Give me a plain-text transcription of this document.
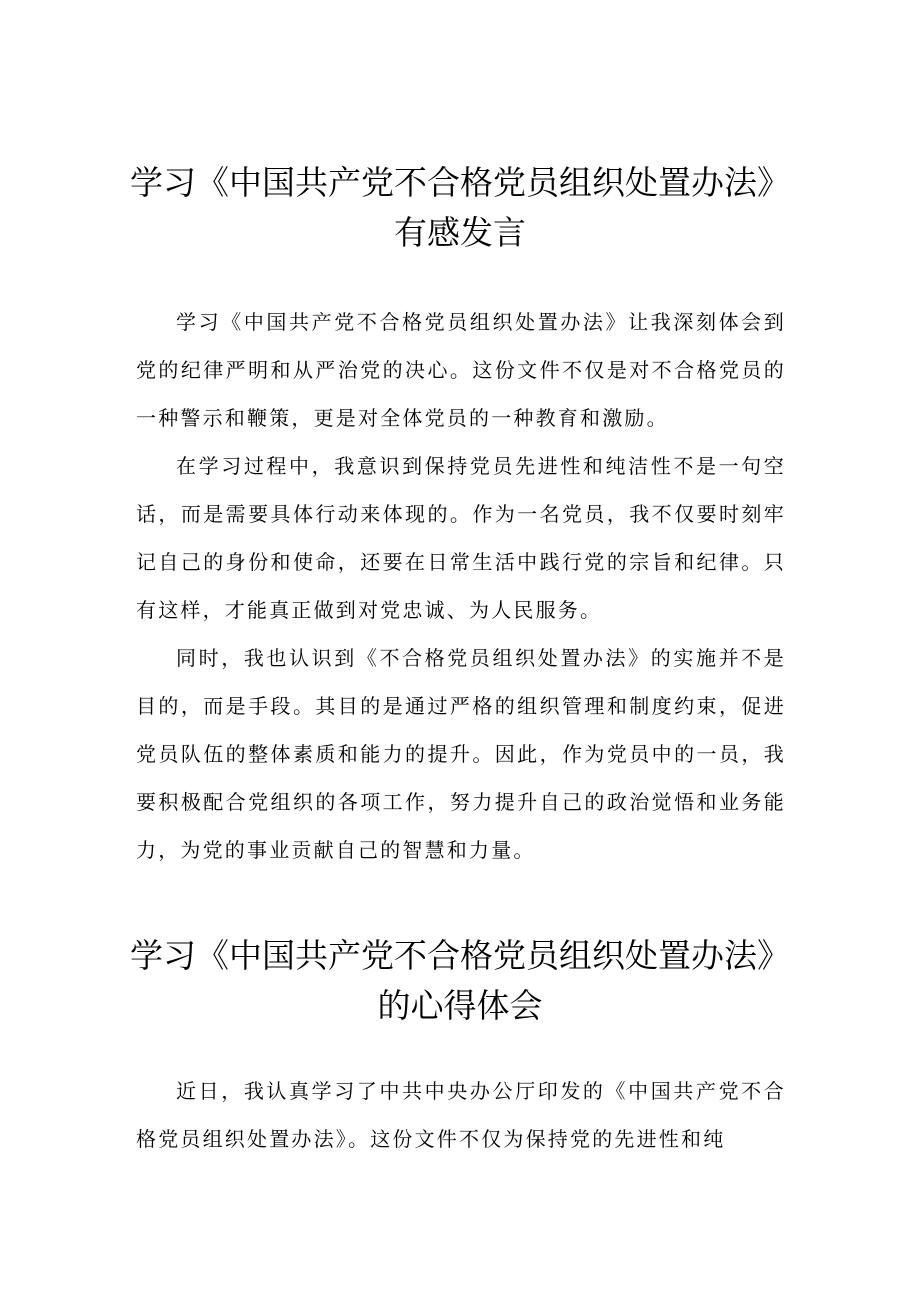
学习《中国共产党不合格党员组织处置办法》有感发言

学习《中国共产党不合格党员组织处置办法》让我深刻体会到党的纪律严明和从严治党的决心。这份文件不仅是对不合格党员的一种警示和鞭策，更是对全体党员的一种教育和激励。

在学习过程中，我意识到保持党员先进性和纯洁性不是一句空话，而是需要具体行动来体现的。作为一名党员，我不仅要时刻牢记自己的身份和使命，还要在日常生活中践行党的宗旨和纪律。只有这样，才能真正做到对党忠诚、为人民服务。

同时，我也认识到《不合格党员组织处置办法》的实施并不是目的，而是手段。其目的是通过严格的组织管理和制度约束，促进党员队伍的整体素质和能力的提升。因此，作为党员中的一员，我要积极配合党组织的各项工作，努力提升自己的政治觉悟和业务能力，为党的事业贡献自己的智慧和力量。

学习《中国共产党不合格党员组织处置办法》的心得体会

近日，我认真学习了中共中央办公厅印发的《中国共产党不合格党员组织处置办法》。这份文件不仅为保持党的先进性和纯
